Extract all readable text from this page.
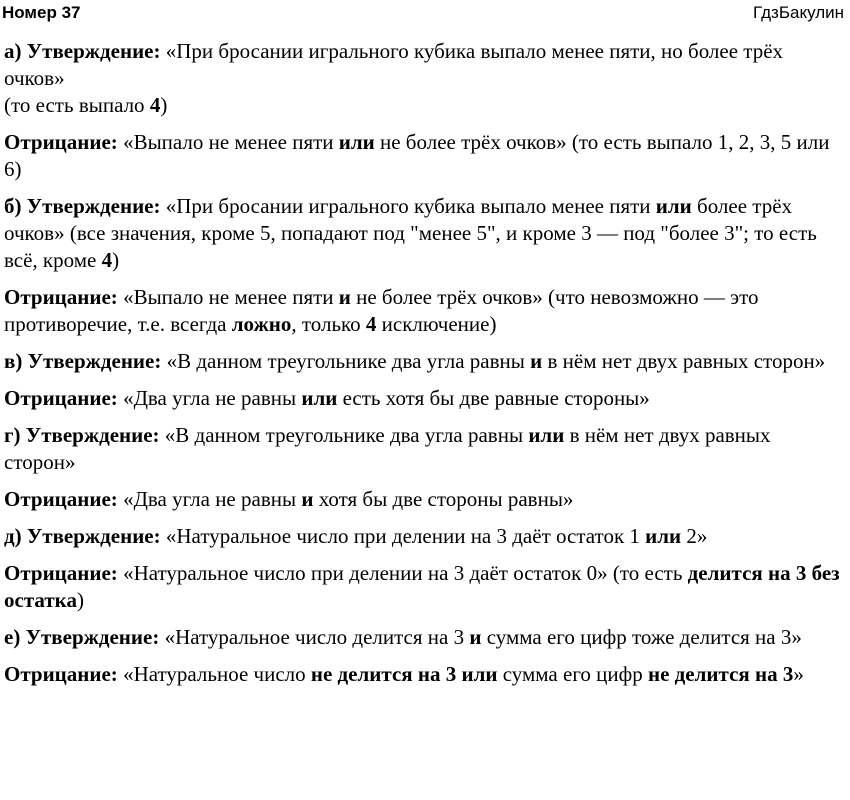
Номер 37	ГдзБакулин

а) Утверждение: «При бросании игрального кубика выпало менее пяти, но более трёх очков»
(то есть выпало 4)

Отрицание: «Выпало не менее пяти или не более трёх очков» (то есть выпало 1, 2, 3, 5 или 6)

б) Утверждение: «При бросании игрального кубика выпало менее пяти или более трёх очков» (все значения, кроме 5, попадают под "менее 5", и кроме 3 — под "более 3"; то есть всё, кроме 4)

Отрицание: «Выпало не менее пяти и не более трёх очков» (что невозможно — это противоречие, т.е. всегда ложно, только 4 исключение)

в) Утверждение: «В данном треугольнике два угла равны и в нём нет двух равных сторон»

Отрицание: «Два угла не равны или есть хотя бы две равные стороны»

г) Утверждение: «В данном треугольнике два угла равны или в нём нет двух равных сторон»

Отрицание: «Два угла не равны и хотя бы две стороны равны»

д) Утверждение: «Натуральное число при делении на 3 даёт остаток 1 или 2»

Отрицание: «Натуральное число при делении на 3 даёт остаток 0» (то есть делится на 3 без остатка)

е) Утверждение: «Натуральное число делится на 3 и сумма его цифр тоже делится на 3»

Отрицание: «Натуральное число не делится на 3 или сумма его цифр не делится на 3»
